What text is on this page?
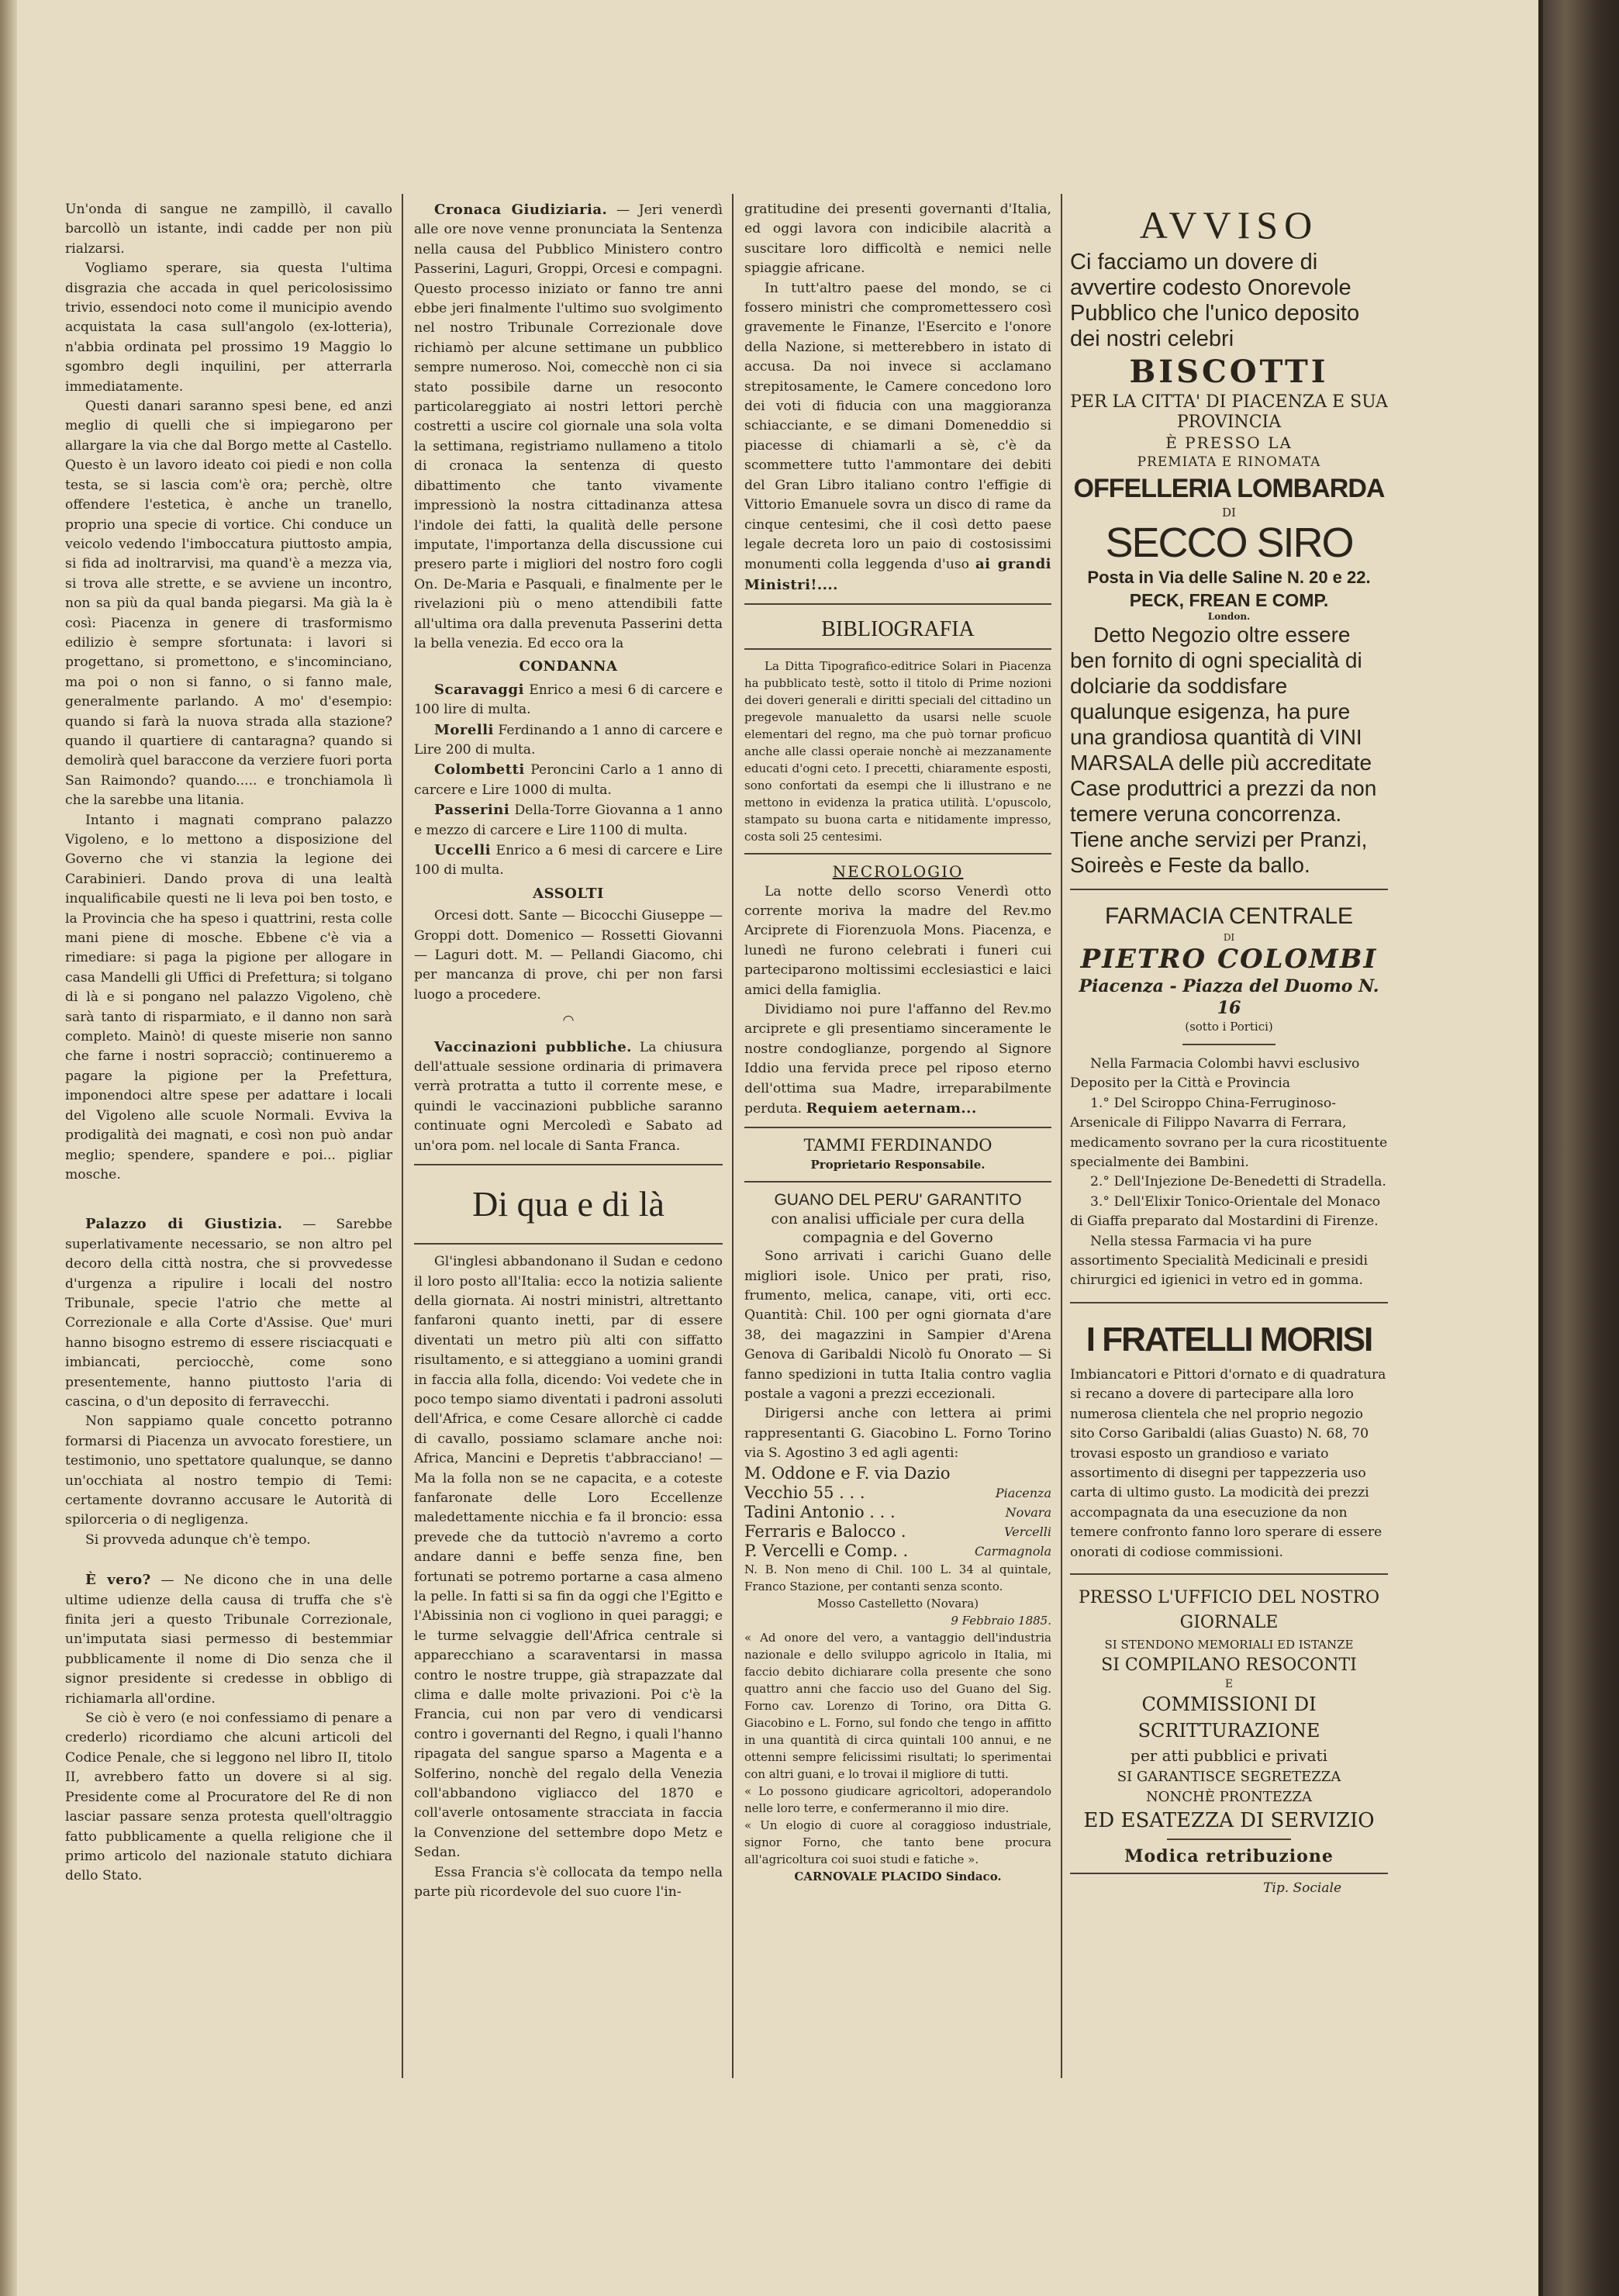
Un'onda di sangue ne zampillò, il cavallo barcollò un istante, indi cadde per non più rialzarsi.

Vogliamo sperare, sia questa l'ultima disgrazia che accada in quel pericolosissimo trivio, essendoci noto come il municipio avendo acquistata la casa sull'angolo (ex-lotteria), n'abbia ordinata pel prossimo 19 Maggio lo sgombro degli inquilini, per atterrarla immediatamente.

Questi danari saranno spesi bene, ed anzi meglio di quelli che si impiegarono per allargare la via che dal Borgo mette al Castello. Questo è un lavoro ideato coi piedi e non colla testa, se si lascia com'è ora; perchè, oltre offendere l'estetica, è anche un tranello, proprio una specie di vortice. Chi conduce un veicolo vedendo l'imboccatura piuttosto ampia, si fida ad inoltrarvisi, ma quand'è a mezza via, si trova alle strette, e se avviene un incontro, non sa più da qual banda piegarsi. Ma già la è così: Piacenza in genere di trasformismo edilizio è sempre sfortunata: i lavori si progettano, si promettono, e s'incominciano, ma poi o non si fanno, o si fanno male, generalmente parlando. A mo' d'esempio: quando si farà la nuova strada alla stazione? quando il quartiere di cantaragna? quando si demolirà quel baraccone da verziere fuori porta San Raimondo? quando..... e tronchiamola lì che la sarebbe una litania.

Intanto i magnati comprano palazzo Vigoleno, e lo mettono a disposizione del Governo che vi stanzia la legione dei Carabinieri. Dando prova di una lealtà inqualificabile questi ne li leva poi ben tosto, e la Provincia che ha speso i quattrini, resta colle mani piene di mosche. Ebbene c'è via a rimediare: si paga la pigione per allogare in casa Mandelli gli Uffici di Prefettura; si tolgano di là e si pongano nel palazzo Vigoleno, chè sarà tanto di risparmiato, e il danno non sarà completo. Mainò! di queste miserie non sanno che farne i nostri sopracciò; continueremo a pagare la pigione per la Prefettura, imponendoci altre spese per adattare i locali del Vigoleno alle scuole Normali. Evviva la prodigalità dei magnati, e così non può andar meglio; spendere, spandere e poi... pigliar mosche.

Palazzo di Giustizia. — Sarebbe superlativamente necessario, se non altro pel decoro della città nostra, che si provvedesse d'urgenza a ripulire i locali del nostro Tribunale, specie l'atrio che mette al Correzionale e alla Corte d'Assise. Que' muri hanno bisogno estremo di essere risciacquati e imbiancati, perciocchè, come sono presentemente, hanno piuttosto l'aria di cascina, o d'un deposito di ferravecchi.

Non sappiamo quale concetto potranno formarsi di Piacenza un avvocato forestiere, un testimonio, uno spettatore qualunque, se danno un'occhiata al nostro tempio di Temi: certamente dovranno accusare le Autorità di spilorceria o di negligenza.

Si provveda adunque ch'è tempo.

È vero? — Ne dicono che in una delle ultime udienze della causa di truffa che s'è finita jeri a questo Tribunale Correzionale, un'imputata siasi permesso di bestemmiar pubblicamente il nome di Dio senza che il signor presidente si credesse in obbligo di richiamarla all'ordine.

Se ciò è vero (e noi confessiamo di penare a crederlo) ricordiamo che alcuni articoli del Codice Penale, che si leggono nel libro II, titolo II, avrebbero fatto un dovere si al sig. Presidente come al Procuratore del Re di non lasciar passare senza protesta quell'oltraggio fatto pubblicamente a quella religione che il primo articolo del nazionale statuto dichiara dello Stato.

Cronaca Giudiziaria. — Jeri venerdì alle ore nove venne pronunciata la Sentenza nella causa del Pubblico Ministero contro Passerini, Laguri, Groppi, Orcesi e compagni. Questo processo iniziato or fanno tre anni ebbe jeri finalmente l'ultimo suo svolgimento nel nostro Tribunale Correzionale dove richiamò per alcune settimane un pubblico sempre numeroso. Noi, comecchè non ci sia stato possibile darne un resoconto particolareggiato ai nostri lettori perchè costretti a uscire col giornale una sola volta la settimana, registriamo nullameno a titolo di cronaca la sentenza di questo dibattimento che tanto vivamente impressionò la nostra cittadinanza attesa l'indole dei fatti, la qualità delle persone imputate, l'importanza della discussione cui presero parte i migliori del nostro foro cogli On. De-Maria e Pasquali, e finalmente per le rivelazioni più o meno attendibili fatte all'ultima ora dalla prevenuta Passerini detta la bella venezia. Ed ecco ora la

CONDANNA

Scaravaggi Enrico a mesi 6 di carcere e 100 lire di multa.

Morelli Ferdinando a 1 anno di carcere e Lire 200 di multa.

Colombetti Peroncini Carlo a 1 anno di carcere e Lire 1000 di multa.

Passerini Della-Torre Giovanna a 1 anno e mezzo di carcere e Lire 1100 di multa.

Uccelli Enrico a 6 mesi di carcere e Lire 100 di multa.

ASSOLTI

Orcesi dott. Sante — Bicocchi Giuseppe — Groppi dott. Domenico — Rossetti Giovanni — Laguri dott. M. — Pellandi Giacomo, chi per mancanza di prove, chi per non farsi luogo a procedere.

◠

Vaccinazioni pubbliche. La chiusura dell'attuale sessione ordinaria di primavera verrà protratta a tutto il corrente mese, e quindi le vaccinazioni pubbliche saranno continuate ogni Mercoledì e Sabato ad un'ora pom. nel locale di Santa Franca.

Di qua e di là

Gl'inglesi abbandonano il Sudan e cedono il loro posto all'Italia: ecco la notizia saliente della giornata. Ai nostri ministri, altrettanto fanfaroni quanto inetti, par di essere diventati un metro più alti con siffatto risultamento, e si atteggiano a uomini grandi in faccia alla folla, dicendo: Voi vedete che in poco tempo siamo diventati i padroni assoluti dell'Africa, e come Cesare allorchè ci cadde di cavallo, possiamo sclamare anche noi: Africa, Mancini e Depretis t'abbracciano! — Ma la folla non se ne capacita, e a coteste fanfaronate delle Loro Eccellenze maledettamente nicchia e fa il broncio: essa prevede che da tuttociò n'avremo a corto andare danni e beffe senza fine, ben fortunati se potremo portarne a casa almeno la pelle. In fatti si sa fin da oggi che l'Egitto e l'Abissinia non ci vogliono in quei paraggi; e le turme selvaggie dell'Africa centrale si apparecchiano a scaraventarsi in massa contro le nostre truppe, già strapazzate dal clima e dalle molte privazioni. Poi c'è la Francia, cui non par vero di vendicarsi contro i governanti del Regno, i quali l'hanno ripagata del sangue sparso a Magenta e a Solferino, nonchè del regalo della Venezia coll'abbandono vigliacco del 1870 e coll'averle ontosamente stracciata in faccia la Convenzione del settembre dopo Metz e Sedan.

Essa Francia s'è collocata da tempo nella parte più ricordevole del suo cuore l'in-

gratitudine dei presenti governanti d'Italia, ed oggi lavora con indicibile alacrità a suscitare loro difficoltà e nemici nelle spiaggie africane.

In tutt'altro paese del mondo, se ci fossero ministri che compromettessero così gravemente le Finanze, l'Esercito e l'onore della Nazione, si metterebbero in istato di accusa. Da noi invece si acclamano strepitosamente, le Camere concedono loro dei voti di fiducia con una maggioranza schiacciante, e se dimani Domeneddio si piacesse di chiamarli a sè, c'è da scommettere tutto l'ammontare dei debiti del Gran Libro italiano contro l'effigie di Vittorio Emanuele sovra un disco di rame da cinque centesimi, che il così detto paese legale decreta loro un paio di costosissimi monumenti colla leggenda d'uso ai grandi Ministri!....

BIBLIOGRAFIA

La Ditta Tipografico-editrice Solari in Piacenza ha pubblicato testè, sotto il titolo di Prime nozioni dei doveri generali e diritti speciali del cittadino un pregevole manualetto da usarsi nelle scuole elementari del regno, ma che può tornar proficuo anche alle classi operaie nonchè ai mezzanamente educati d'ogni ceto. I precetti, chiaramente esposti, sono confortati da esempi che li illustrano e ne mettono in evidenza la pratica utilità. L'opuscolo, stampato su buona carta e nitidamente impresso, costa soli 25 centesimi.

NECROLOGIO

La notte dello scorso Venerdì otto corrente moriva la madre del Rev.mo Arciprete di Fiorenzuola Mons. Piacenza, e lunedì ne furono celebrati i funeri cui parteciparono moltissimi ecclesiastici e laici amici della famiglia.

Dividiamo noi pure l'affanno del Rev.mo arciprete e gli presentiamo sinceramente le nostre condoglianze, porgendo al Signore Iddio una fervida prece pel riposo eterno dell'ottima sua Madre, irreparabilmente perduta. Requiem aeternam...

TAMMI FERDINANDO

Proprietario Responsabile.

GUANO DEL PERU' GARANTITO

con analisi ufficiale per cura della compagnia e del Governo

Sono arrivati i carichi Guano delle migliori isole. Unico per prati, riso, frumento, melica, canape, viti, orti ecc. Quantità: Chil. 100 per ogni giornata d'are 38, dei magazzini in Sampier d'Arena Genova di Garibaldi Nicolò fu Onorato — Si fanno spedizioni in tutta Italia contro vaglia postale a vagoni a prezzi eccezionali.

Dirigersi anche con lettera ai primi rappresentanti G. Giacobino L. Forno Torino via S. Agostino 3 ed agli agenti:

M. Oddone e F. via Dazio
Vecchio 55 . . .	Piacenza
Tadini Antonio . . .	Novara
Ferraris e Balocco .	Vercelli
P. Vercelli e Comp. .	Carmagnola

N. B. Non meno di Chil. 100 L. 34 al quintale, Franco Stazione, per contanti senza sconto.

Mosso Castelletto (Novara)

9 Febbraio 1885.

« Ad onore del vero, a vantaggio dell'industria nazionale e dello sviluppo agricolo in Italia, mi faccio debito dichiarare colla presente che sono quattro anni che faccio uso del Guano del Sig. Forno cav. Lorenzo di Torino, ora Ditta G. Giacobino e L. Forno, sul fondo che tengo in affitto in una quantità di circa quintali 100 annui, e ne ottenni sempre felicissimi risultati; lo sperimentai con altri guani, e lo trovai il migliore di tutti.

« Lo possono giudicare agricoltori, adoperandolo nelle loro terre, e confermeranno il mio dire.

« Un elogio di cuore al coraggioso industriale, signor Forno, che tanto bene procura all'agricoltura coi suoi studi e fatiche ».

CARNOVALE PLACIDO Sindaco.

AVVISO

Ci facciamo un dovere di avvertire codesto Onorevole Pubblico che l'unico deposito dei nostri celebri

BISCOTTI

PER LA CITTA' DI PIACENZA E SUA PROVINCIA

È PRESSO LA

PREMIATA E RINOMATA

OFFELLERIA LOMBARDA

DI

SECCO SIRO

Posta in Via delle Saline N. 20 e 22.

PECK, FREAN E COMP.

London.

Detto Negozio oltre essere ben fornito di ogni specialità di dolciarie da soddisfare qualunque esigenza, ha pure una grandiosa quantità di VINI MARSALA delle più accreditate Case produttrici a prezzi da non temere veruna concorrenza. Tiene anche servizi per Pranzi, Soireès e Feste da ballo.

FARMACIA CENTRALE

DI

PIETRO COLOMBI

Piacenza - Piazza del Duomo N. 16

(sotto i Portici)

Nella Farmacia Colombi havvi esclusivo Deposito per la Città e Provincia

1.° Del Sciroppo China-Ferruginoso-Arsenicale di Filippo Navarra di Ferrara, medicamento sovrano per la cura ricostituente specialmente dei Bambini.

2.° Dell'Injezione De-Benedetti di Stradella.

3.° Dell'Elixir Tonico-Orientale del Monaco di Giaffa preparato dal Mostardini di Firenze.

Nella stessa Farmacia vi ha pure assortimento Specialità Medicinali e presidi chirurgici ed igienici in vetro ed in gomma.

I FRATELLI MORISI

Imbiancatori e Pittori d'ornato e di quadratura si recano a dovere di partecipare alla loro numerosa clientela che nel proprio negozio sito Corso Garibaldi (alias Guasto) N. 68, 70 trovasi esposto un grandioso e variato assortimento di disegni per tappezzeria uso carta di ultimo gusto. La modicità dei prezzi accompagnata da una esecuzione da non temere confronto fanno loro sperare di essere onorati di codiose commissioni.

PRESSO L'UFFICIO DEL NOSTRO GIORNALE

SI STENDONO MEMORIALI ED ISTANZE

SI COMPILANO RESOCONTI

E

COMMISSIONI DI SCRITTURAZIONE

per atti pubblici e privati

SI GARANTISCE SEGRETEZZA

NONCHÈ PRONTEZZA

ED ESATEZZA DI SERVIZIO

Modica retribuzione

Tip. Sociale
